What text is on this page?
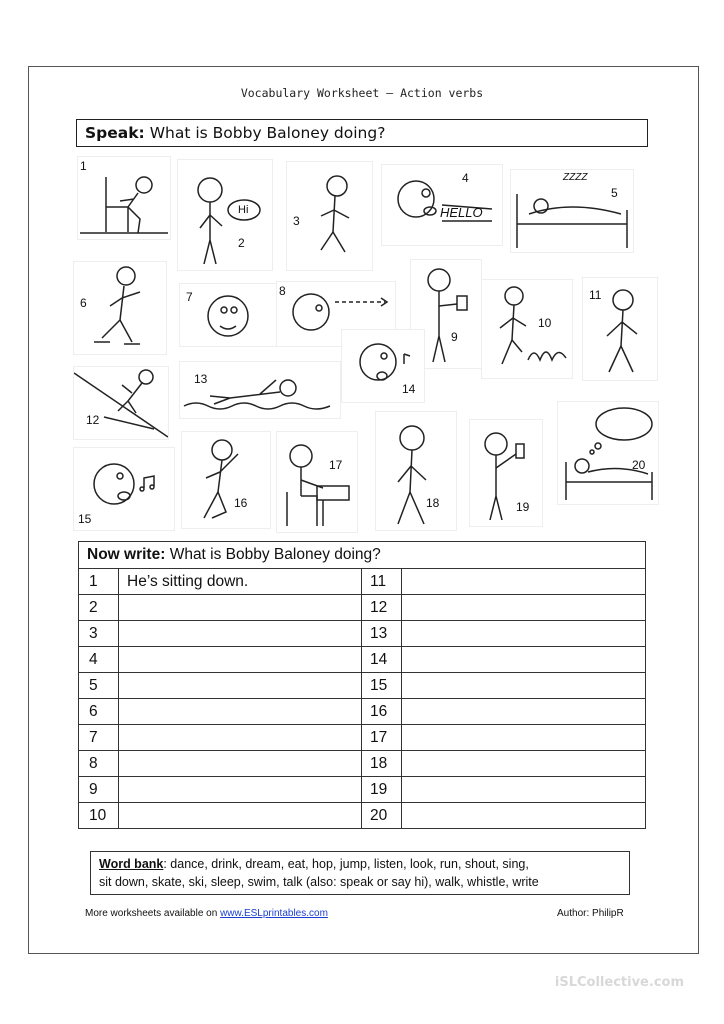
Vocabulary Worksheet – Action verbs
Speak: What is Bobby Baloney doing?
1
Hi
2
3
4
HELLO
ZZZZ
5
6	7	8
9
10
11
12
13
14
15
16
17
18	19
20
Now write: What is Bobby Baloney doing?			
1	He’s sitting down.	11	
2		12	
3		13	
4		14	
5		15	
6		16	
7		17	
8		18	
9		19	
10		20	
Word bank: dance, drink, dream, eat, hop, jump, listen, look, run, shout, sing,
sit down, skate, ski, sleep, swim, talk (also: speak or say hi), walk, whistle, write
More worksheets available on www.ESLprintables.com	Author: PhilipR
iSLCollective.com
